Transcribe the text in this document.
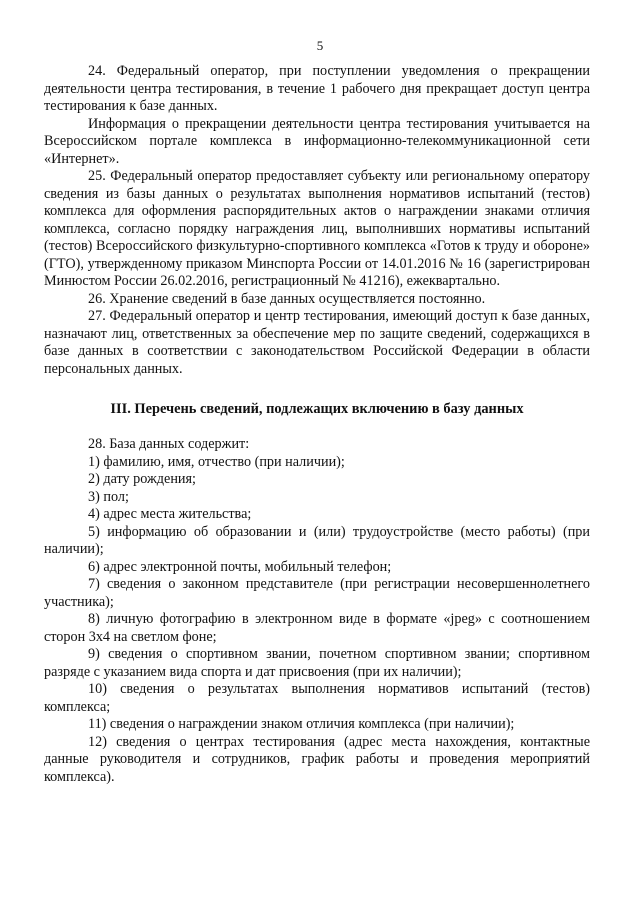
5

24. Федеральный оператор, при поступлении уведомления о прекращении деятельности центра тестирования, в течение 1 рабочего дня прекращает доступ центра тестирования к базе данных.

Информация о прекращении деятельности центра тестирования учитывается на Всероссийском портале комплекса в информационно-телекоммуникационной сети «Интернет».

25. Федеральный оператор предоставляет субъекту или региональному оператору сведения из базы данных о результатах выполнения нормативов испытаний (тестов) комплекса для оформления распорядительных актов о награждении знаками отличия комплекса, согласно порядку награждения лиц, выполнивших нормативы испытаний (тестов) Всероссийского физкультурно-спортивного комплекса «Готов к труду и обороне» (ГТО), утвержденному приказом Минспорта России от 14.01.2016 № 16 (зарегистрирован Минюстом России 26.02.2016, регистрационный № 41216), ежеквартально.

26. Хранение сведений в базе данных осуществляется постоянно.

27. Федеральный оператор и центр тестирования, имеющий доступ к базе данных, назначают лиц, ответственных за обеспечение мер по защите сведений, содержащихся в базе данных в соответствии с законодательством Российской Федерации в области персональных данных.

III. Перечень сведений, подлежащих включению в базу данных

28. База данных содержит:

1) фамилию, имя, отчество (при наличии);

2) дату рождения;

3) пол;

4) адрес места жительства;

5) информацию об образовании и (или) трудоустройстве (место работы) (при наличии);

6) адрес электронной почты, мобильный телефон;

7) сведения о законном представителе (при регистрации несовершеннолетнего участника);

8) личную фотографию в электронном виде в формате «jpeg» с соотношением сторон 3x4 на светлом фоне;

9) сведения о спортивном звании, почетном спортивном звании; спортивном разряде с указанием вида спорта и дат присвоения (при их наличии);

10) сведения о результатах выполнения нормативов испытаний (тестов) комплекса;

11) сведения о награждении знаком отличия комплекса (при наличии);

12) сведения о центрах тестирования (адрес места нахождения, контактные данные руководителя и сотрудников, график работы и проведения мероприятий комплекса).
